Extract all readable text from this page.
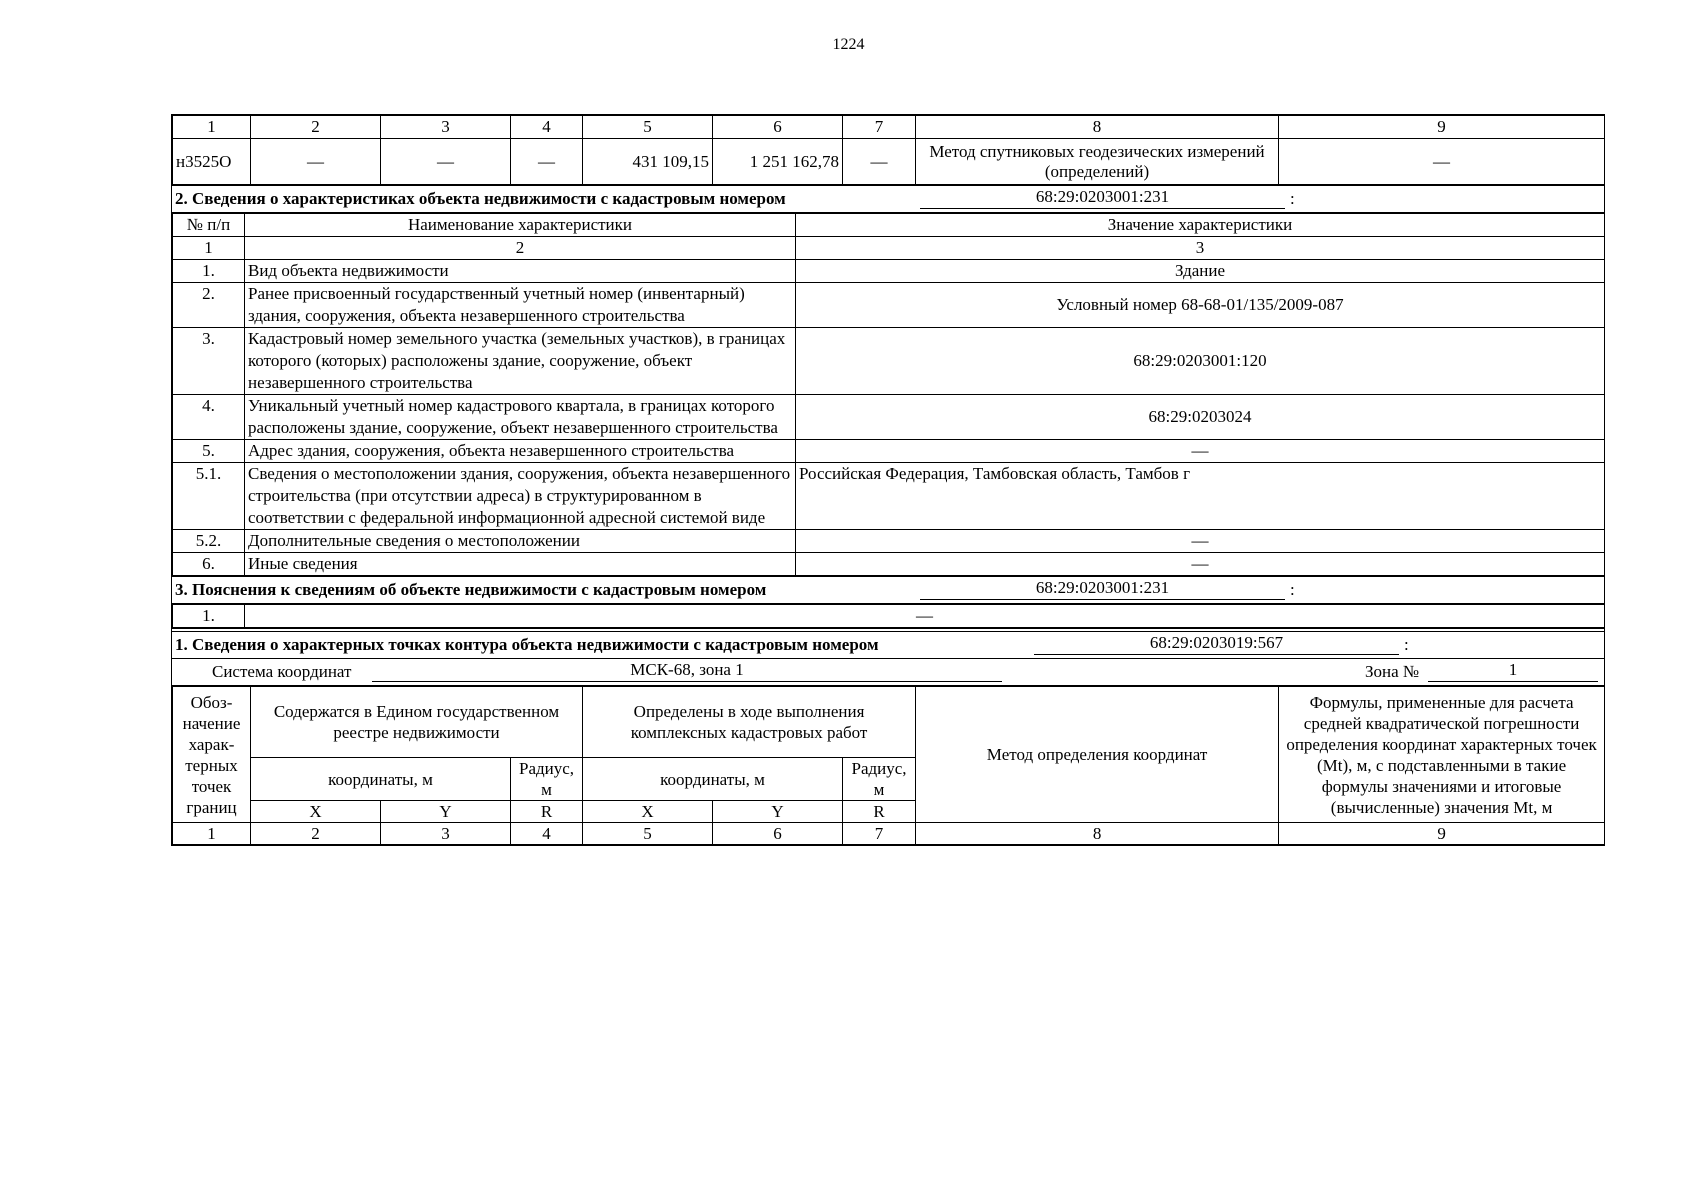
1224
1	2	3	4	5	6	7	8	9
н3525О	—	—	—	431 109,15	1 251 162,78	—	Метод спутниковых геодезических измерений (определений)	—
2. Сведения о характеристиках объекта недвижимости с кадастровым номером	68:29:0203001:231	:
№ п/п	Наименование характеристики	Значение характеристики
1	2	3
1.	Вид объекта недвижимости	Здание
2.	Ранее присвоенный государственный учетный номер (инвентарный) здания, сооружения, объекта незавершенного строительства	Условный номер 68-68-01/135/2009-087
3.	Кадастровый номер земельного участка (земельных участков), в границах которого (которых) расположены здание, сооружение, объект незавершенного строительства	68:29:0203001:120
4.	Уникальный учетный номер кадастрового квартала, в границах которого расположены здание, сооружение, объект незавершенного строительства	68:29:0203024
5.	Адрес здания, сооружения, объекта незавершенного строительства	—
5.1.	Сведения о местоположении здания, сооружения, объекта незавершенного строительства (при отсутствии адреса) в структурированном в соответствии с федеральной информационной адресной системой виде	Российская Федерация, Тамбовская область, Тамбов г
5.2.	Дополнительные сведения о местоположении	—
6.	Иные сведения	—
3. Пояснения к сведениям об объекте недвижимости с кадастровым номером	68:29:0203001:231	:
1.	—
1. Сведения о характерных точках контура объекта недвижимости с кадастровым номером	68:29:0203019:567	:
Система координат	МСК-68, зона 1	Зона №	1
Обоз-начение харак-терных точек границ	Содержатся в Едином государственном реестре недвижимости			Определены в ходе выполнения комплексных кадастровых работ			Метод определения координат	Формулы, примененные для расчета средней квадратической погрешности определения координат характерных точек (Mt), м, с подставленными в такие формулы значениями и итоговые (вычисленные) значения Mt, м
	координаты, м		Радиус, м	координаты, м		Радиус, м		
	X	Y	R	X	Y	R		
1	2	3	4	5	6	7	8	9
